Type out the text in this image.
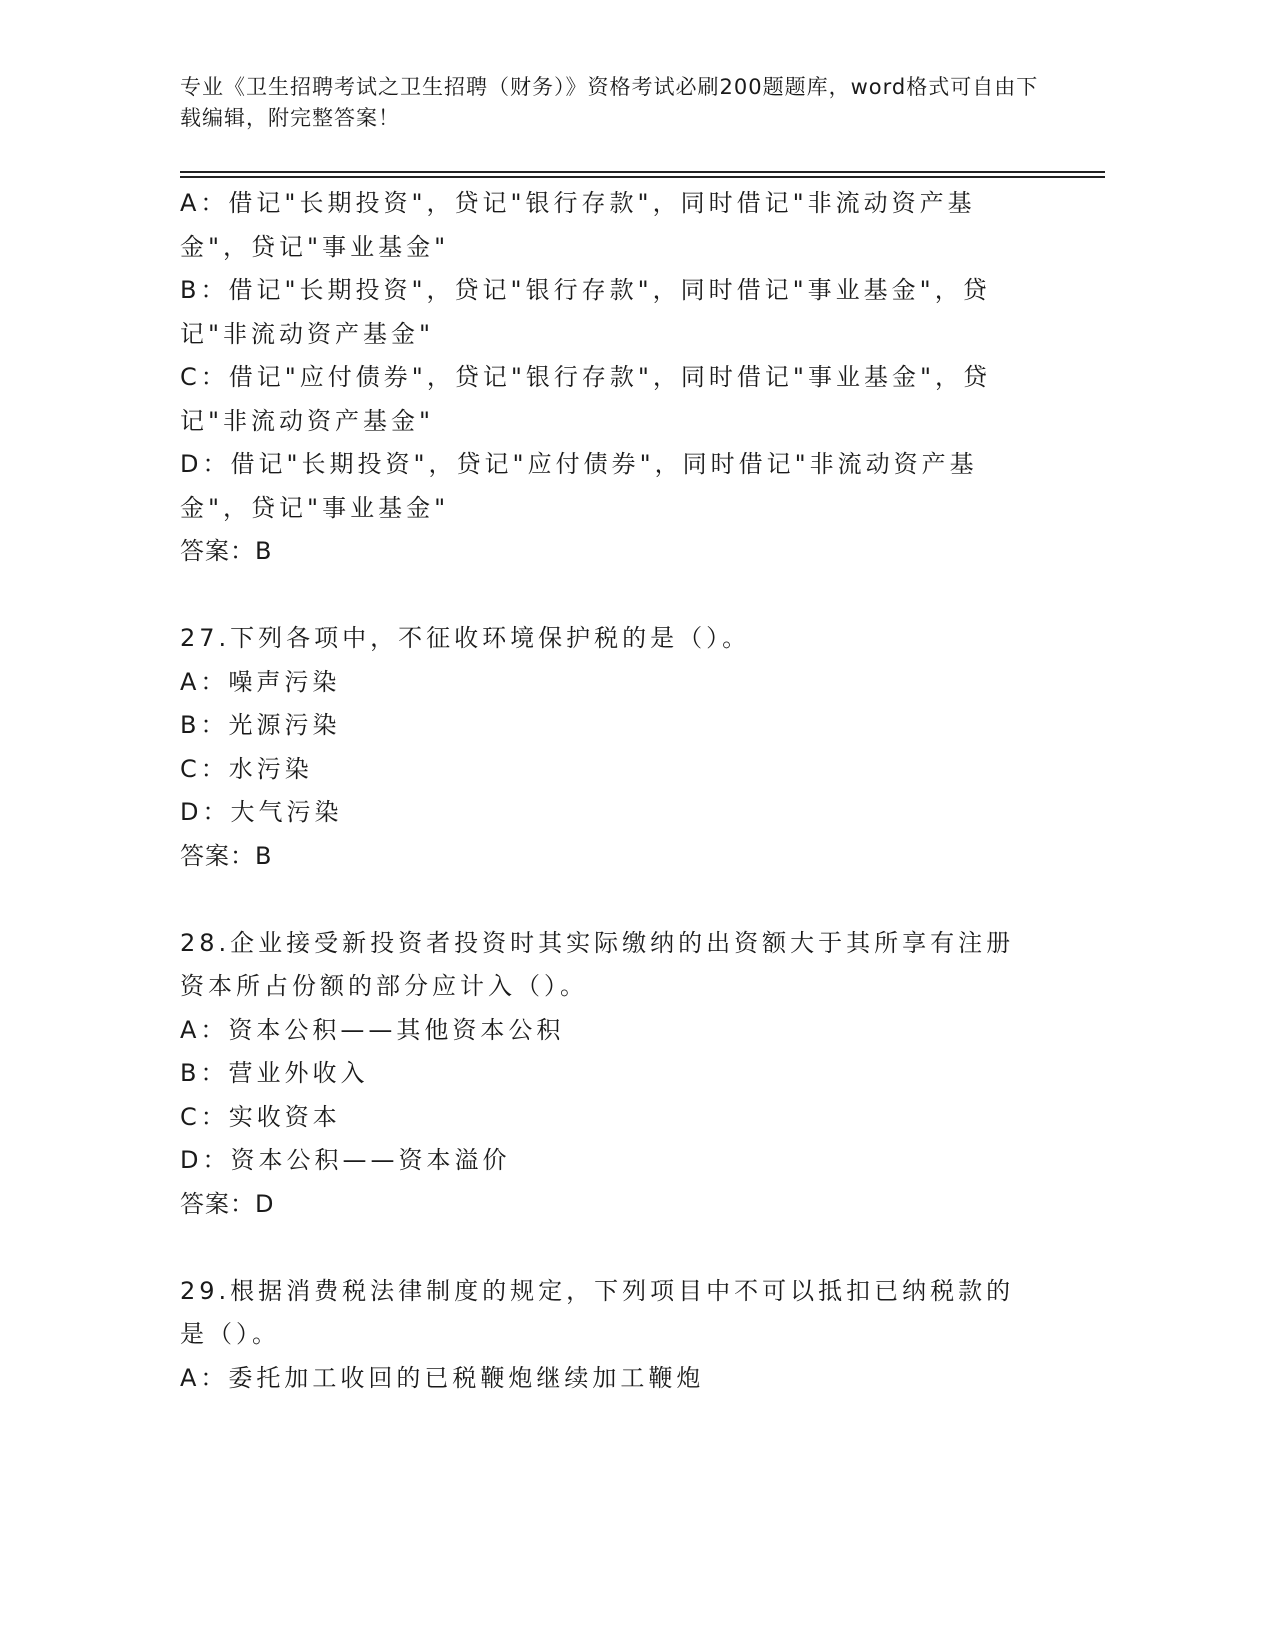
专业《卫生招聘考试之卫生招聘（财务）》资格考试必刷200题题库，word格式可自由下载编辑，附完整答案！
A：借记"长期投资"，贷记"银行存款"，同时借记"非流动资产基金"，贷记"事业基金"
B：借记"长期投资"，贷记"银行存款"，同时借记"事业基金"，贷记"非流动资产基金"
C：借记"应付债券"，贷记"银行存款"，同时借记"事业基金"，贷记"非流动资产基金"
D：借记"长期投资"，贷记"应付债券"，同时借记"非流动资产基金"，贷记"事业基金"
答案：B
27.下列各项中，不征收环境保护税的是（）。
A：噪声污染
B：光源污染
C：水污染
D：大气污染
答案：B
28.企业接受新投资者投资时其实际缴纳的出资额大于其所享有注册资本所占份额的部分应计入（）。
A：资本公积——其他资本公积
B：营业外收入
C：实收资本
D：资本公积——资本溢价
答案：D
29.根据消费税法律制度的规定，下列项目中不可以抵扣已纳税款的是（）。
A：委托加工收回的已税鞭炮继续加工鞭炮
